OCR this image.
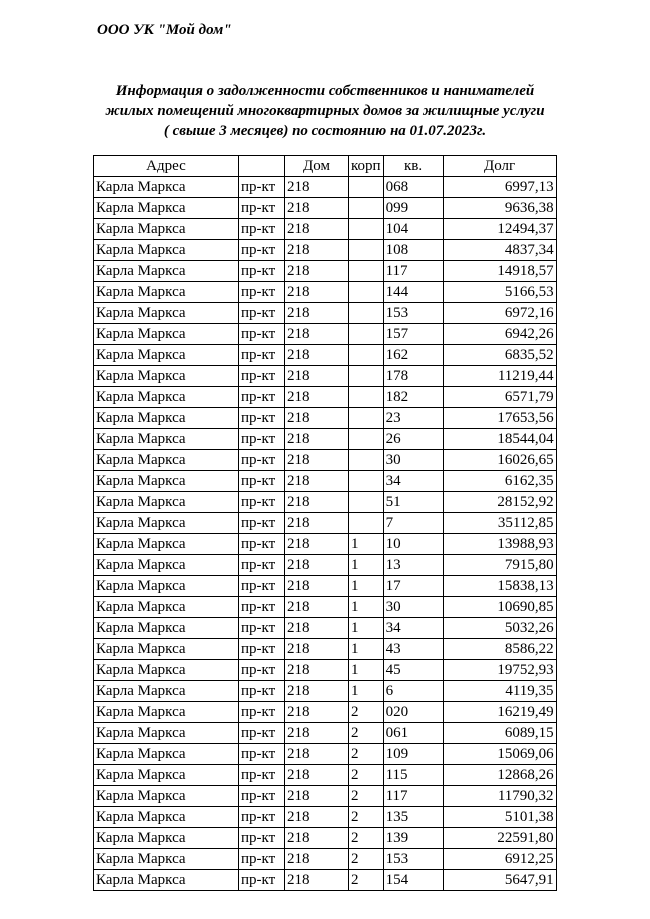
ООО УК "Мой дом"
Информация о задолженности собственников и нанимателей
жилых помещений многоквартирных домов за жилищные услуги
( свыше 3 месяцев) по состоянию на 01.07.2023г.
Адрес		Дом	корп	кв.	Долг
Карла Маркса	пр-кт	218		068	6997,13
Карла Маркса	пр-кт	218		099	9636,38
Карла Маркса	пр-кт	218		104	12494,37
Карла Маркса	пр-кт	218		108	4837,34
Карла Маркса	пр-кт	218		117	14918,57
Карла Маркса	пр-кт	218		144	5166,53
Карла Маркса	пр-кт	218		153	6972,16
Карла Маркса	пр-кт	218		157	6942,26
Карла Маркса	пр-кт	218		162	6835,52
Карла Маркса	пр-кт	218		178	11219,44
Карла Маркса	пр-кт	218		182	6571,79
Карла Маркса	пр-кт	218		23	17653,56
Карла Маркса	пр-кт	218		26	18544,04
Карла Маркса	пр-кт	218		30	16026,65
Карла Маркса	пр-кт	218		34	6162,35
Карла Маркса	пр-кт	218		51	28152,92
Карла Маркса	пр-кт	218		7	35112,85
Карла Маркса	пр-кт	218	1	10	13988,93
Карла Маркса	пр-кт	218	1	13	7915,80
Карла Маркса	пр-кт	218	1	17	15838,13
Карла Маркса	пр-кт	218	1	30	10690,85
Карла Маркса	пр-кт	218	1	34	5032,26
Карла Маркса	пр-кт	218	1	43	8586,22
Карла Маркса	пр-кт	218	1	45	19752,93
Карла Маркса	пр-кт	218	1	6	4119,35
Карла Маркса	пр-кт	218	2	020	16219,49
Карла Маркса	пр-кт	218	2	061	6089,15
Карла Маркса	пр-кт	218	2	109	15069,06
Карла Маркса	пр-кт	218	2	115	12868,26
Карла Маркса	пр-кт	218	2	117	11790,32
Карла Маркса	пр-кт	218	2	135	5101,38
Карла Маркса	пр-кт	218	2	139	22591,80
Карла Маркса	пр-кт	218	2	153	6912,25
Карла Маркса	пр-кт	218	2	154	5647,91
